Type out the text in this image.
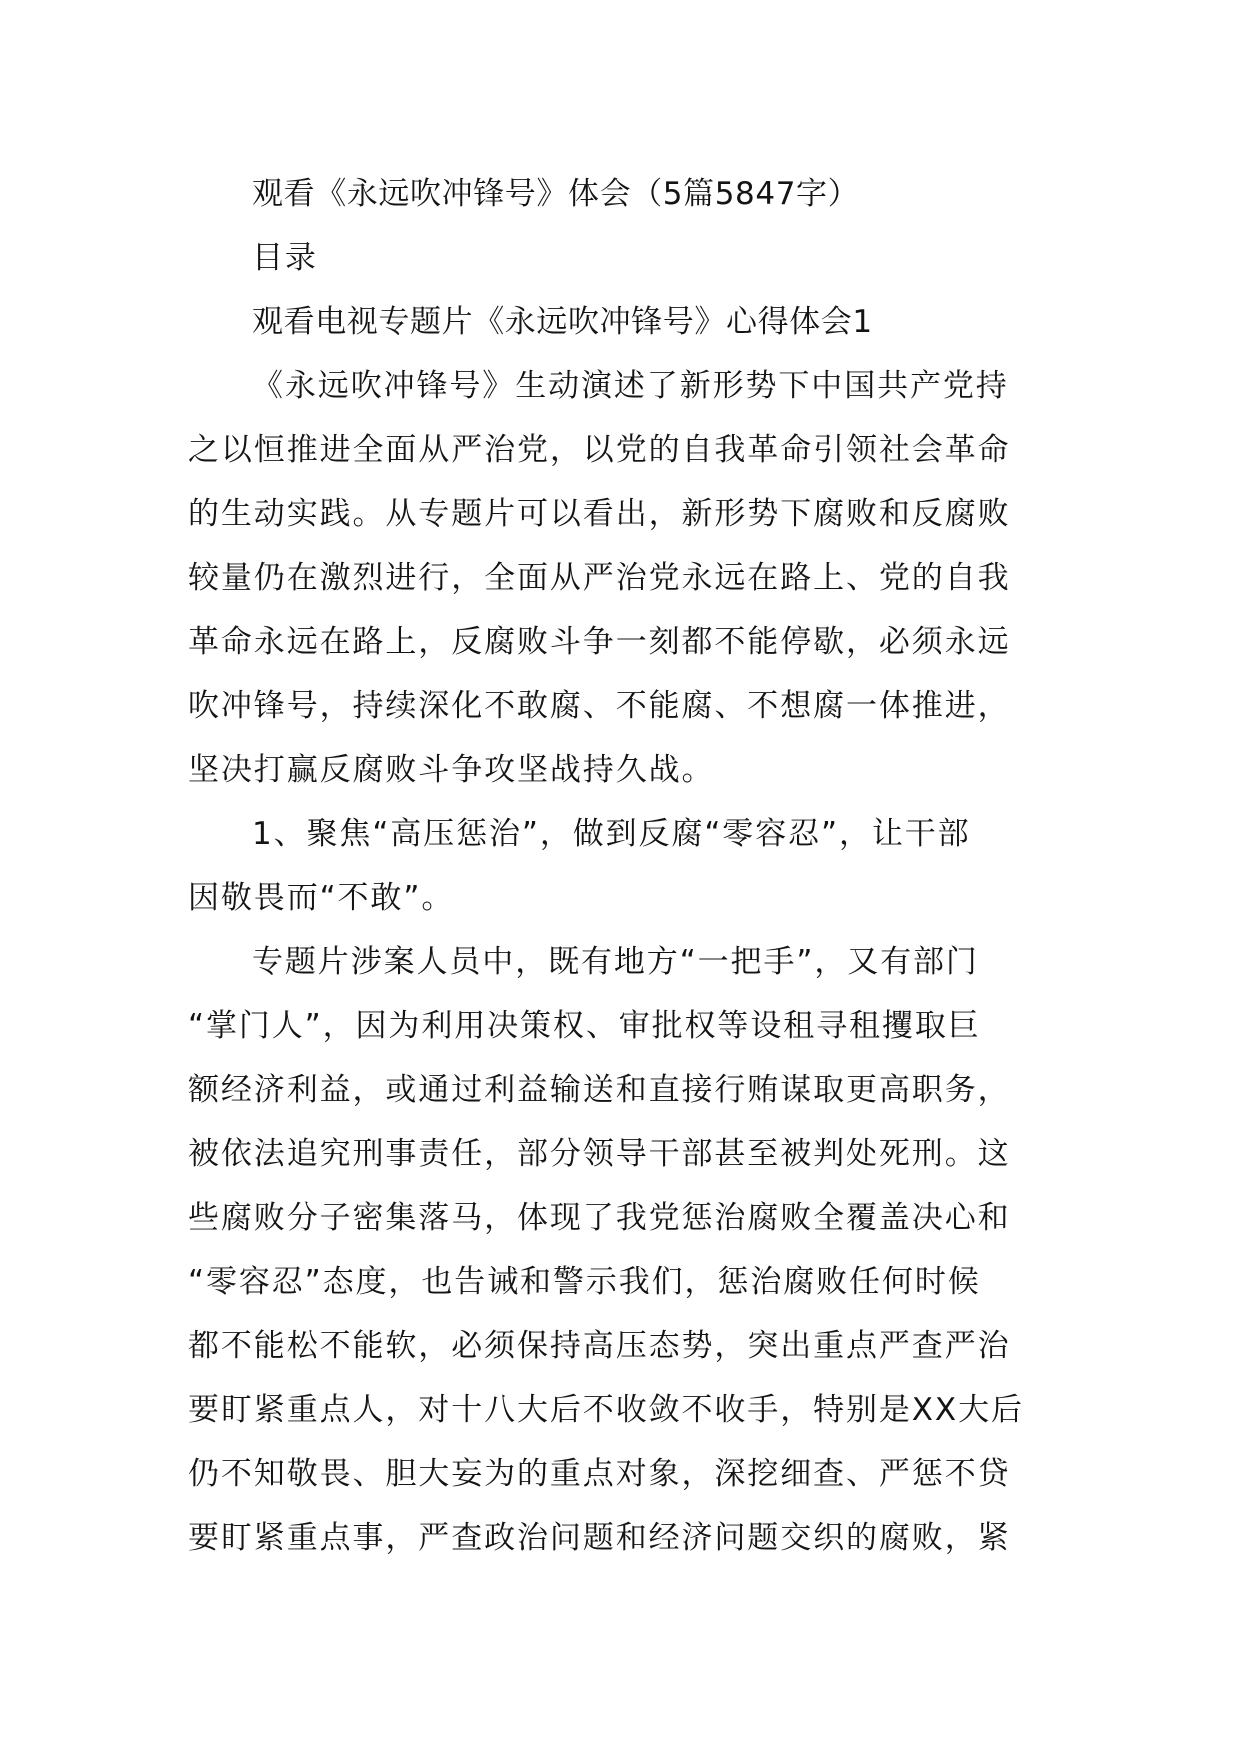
观看《永远吹冲锋号》体会（5篇5847字）

目录

观看电视专题片《永远吹冲锋号》心得体会1

《永远吹冲锋号》生动演述了新形势下中国共产党持

之以恒推进全面从严治党，以党的自我革命引领社会革命

的生动实践。从专题片可以看出，新形势下腐败和反腐败

较量仍在激烈进行，全面从严治党永远在路上、党的自我

革命永远在路上，反腐败斗争一刻都不能停歇，必须永远

吹冲锋号，持续深化不敢腐、不能腐、不想腐一体推进，

坚决打赢反腐败斗争攻坚战持久战。

1、聚焦“高压惩治”，做到反腐“零容忍”，让干部

因敬畏而“不敢”。

专题片涉案人员中，既有地方“一把手”，又有部门

“掌门人”，因为利用决策权、审批权等设租寻租攫取巨

额经济利益，或通过利益输送和直接行贿谋取更高职务，

被依法追究刑事责任，部分领导干部甚至被判处死刑。这

些腐败分子密集落马，体现了我党惩治腐败全覆盖决心和

“零容忍”态度，也告诫和警示我们，惩治腐败任何时候

都不能松不能软，必须保持高压态势，突出重点严查严治

要盯紧重点人，对十八大后不收敛不收手，特别是XX大后

仍不知敬畏、胆大妄为的重点对象，深挖细查、严惩不贷

要盯紧重点事，严查政治问题和经济问题交织的腐败，紧
